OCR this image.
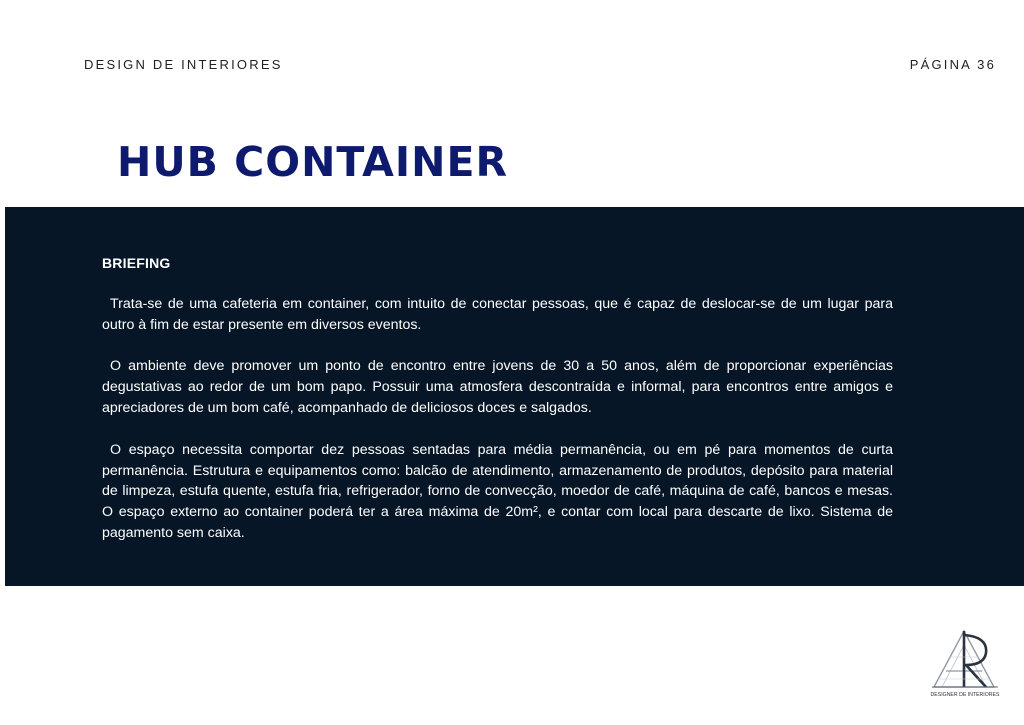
DESIGN DE INTERIORES	PÁGINA 36
HUB CONTAINER
BRIEFING

Trata-se de uma cafeteria em container, com intuito de conectar pessoas, que é capaz de deslocar-se de um lugar para outro à fim de estar presente em diversos eventos.

O ambiente deve promover um ponto de encontro entre jovens de 30 a 50 anos, além de proporcionar experiências degustativas ao redor de um bom papo. Possuir uma atmosfera descontraída e informal, para encontros entre amigos e apreciadores de um bom café, acompanhado de deliciosos doces e salgados.

O espaço necessita comportar dez pessoas sentadas para média permanência, ou em pé para momentos de curta permanência. Estrutura e equipamentos como: balcão de atendimento, armazenamento de produtos, depósito para material de limpeza, estufa quente, estufa fria, refrigerador, forno de convecção, moedor de café, máquina de café, bancos e mesas. O espaço externo ao container poderá ter a área máxima de 20m², e contar com local para descarte de lixo. Sistema de pagamento sem caixa.

DESIGNER DE INTERIORES
